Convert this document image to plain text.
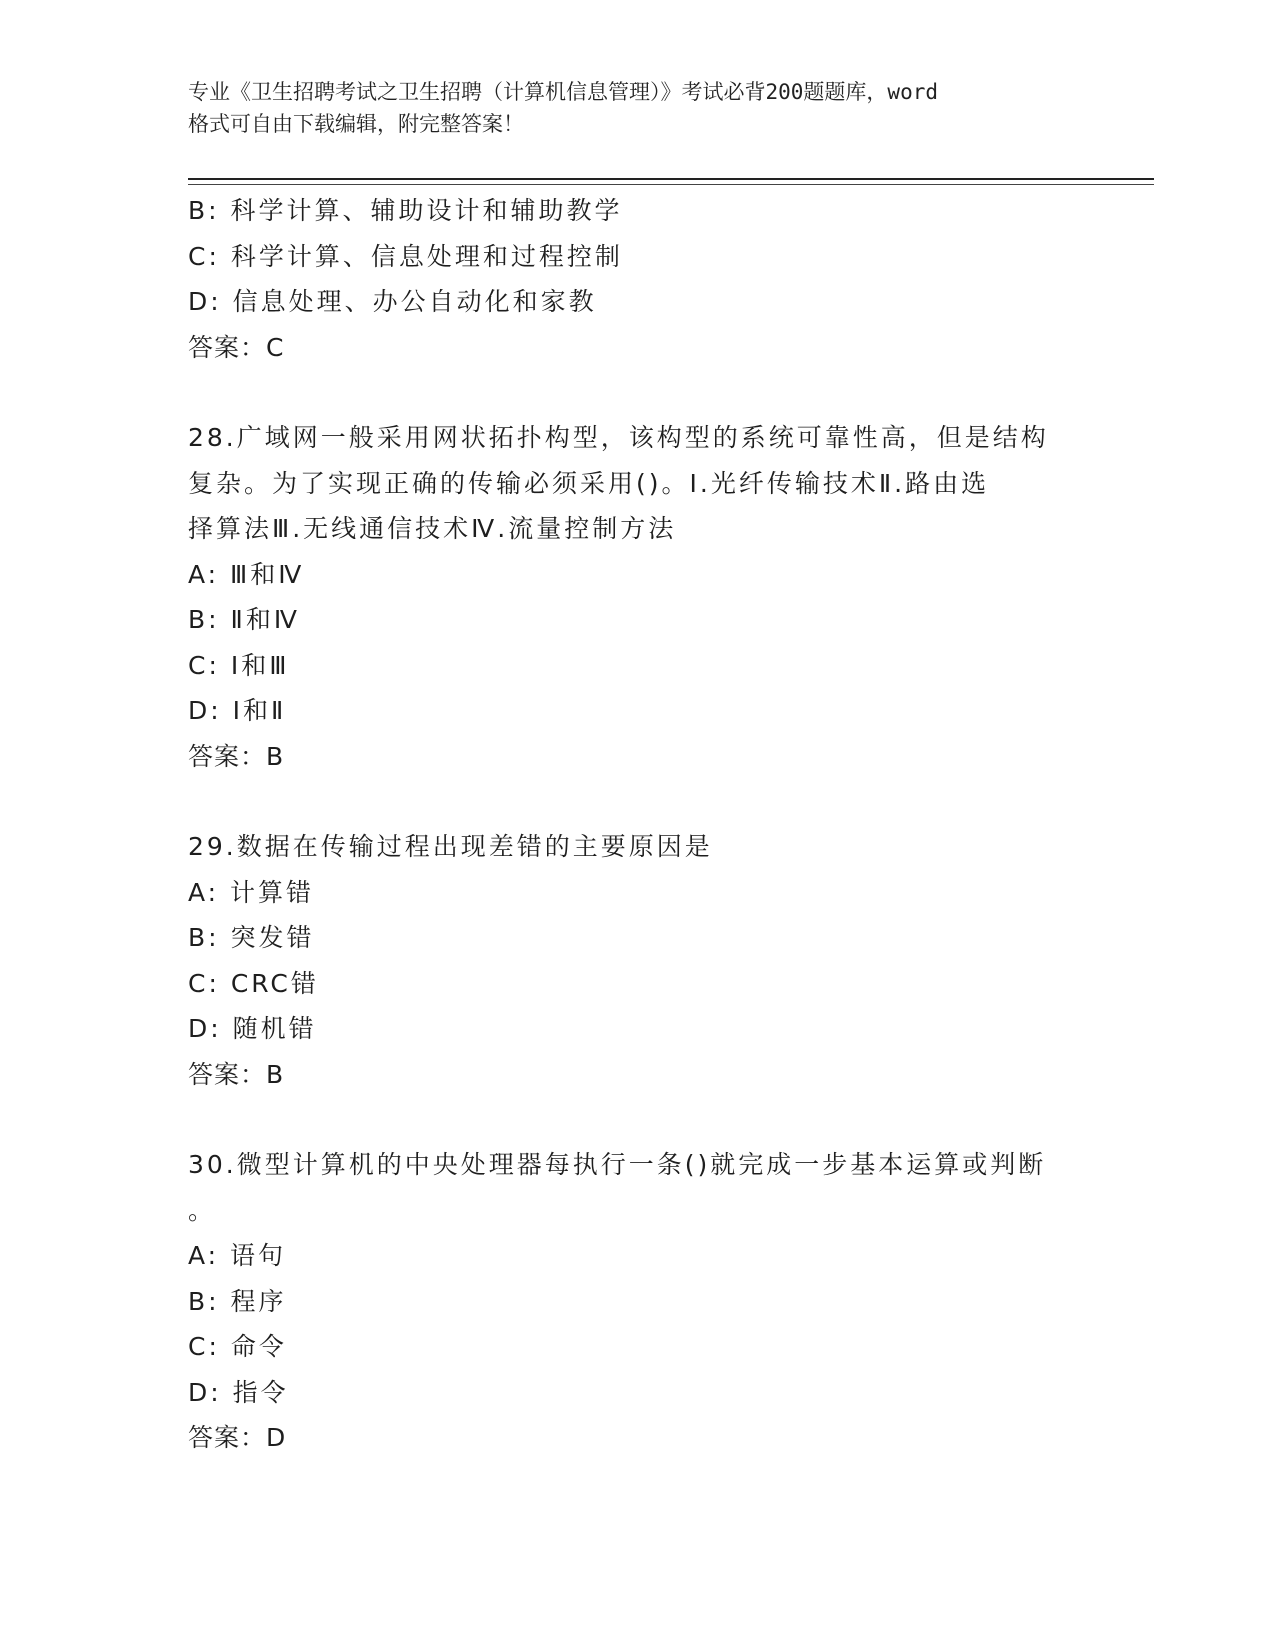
专业《卫生招聘考试之卫生招聘（计算机信息管理）》考试必背200题题库，word
格式可自由下载编辑，附完整答案！
B: 科学计算、辅助设计和辅助教学
C: 科学计算、信息处理和过程控制
D: 信息处理、办公自动化和家教
答案：C
28.广域网一般采用网状拓扑构型，该构型的系统可靠性高，但是结构
复杂。为了实现正确的传输必须采用()。Ⅰ.光纤传输技术Ⅱ.路由选
择算法Ⅲ.无线通信技术Ⅳ.流量控制方法
A: Ⅲ和Ⅳ
B: Ⅱ和Ⅳ
C: Ⅰ和Ⅲ
D: Ⅰ和Ⅱ
答案：B
29.数据在传输过程出现差错的主要原因是
A: 计算错
B: 突发错
C: CRC错
D: 随机错
答案：B
30.微型计算机的中央处理器每执行一条()就完成一步基本运算或判断
。
A: 语句
B: 程序
C: 命令
D: 指令
答案：D
